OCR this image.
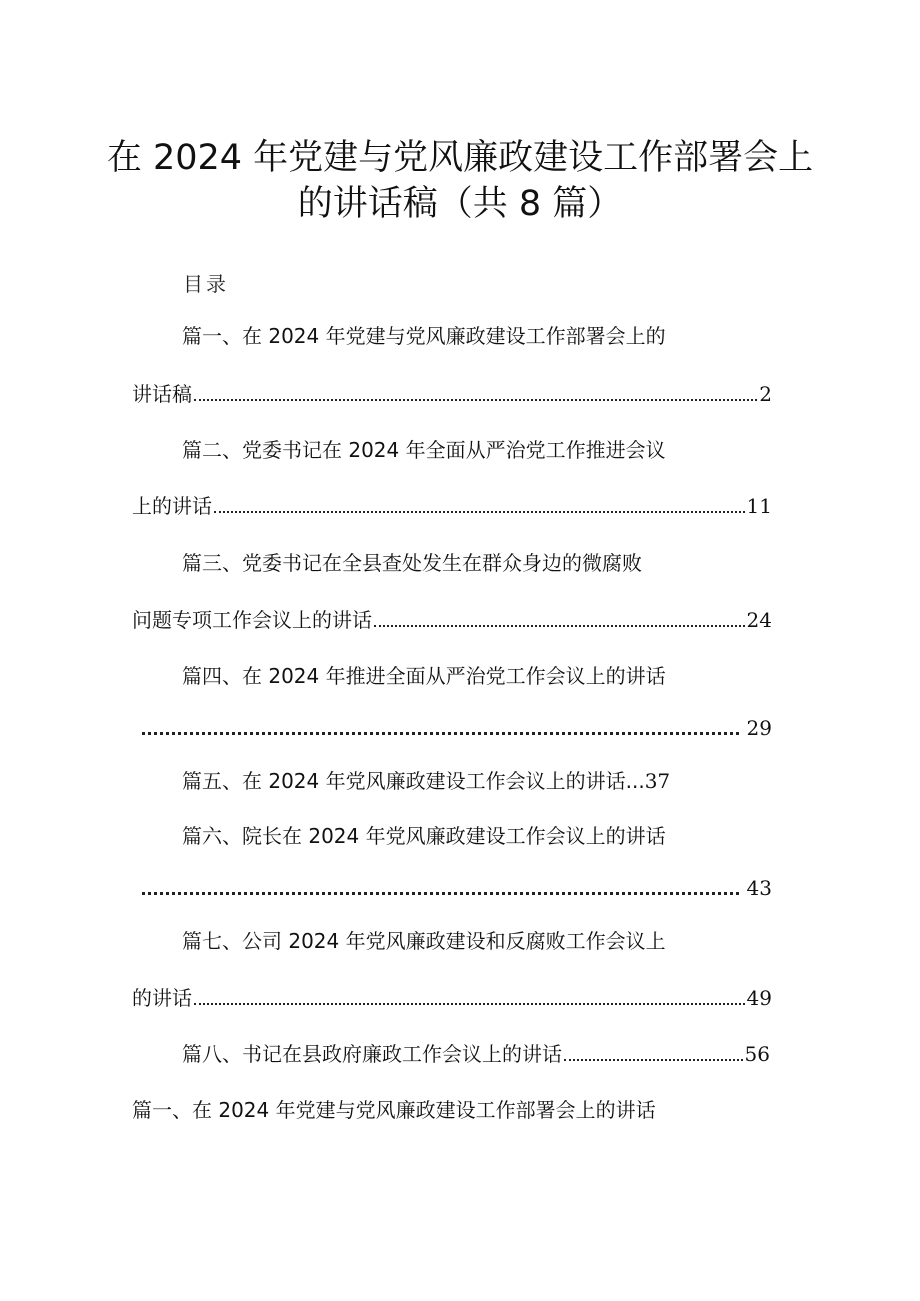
在 2024 年党建与党风廉政建设工作部署会上
的讲话稿（共 8 篇）
目录
篇一、在 2024 年党建与党风廉政建设工作部署会上的
讲话稿	2
篇二、党委书记在 2024 年全面从严治党工作推进会议
上的讲话	11
篇三、党委书记在全县查处发生在群众身边的微腐败
问题专项工作会议上的讲话	24
篇四、在 2024 年推进全面从严治党工作会议上的讲话
29
篇五、在 2024 年党风廉政建设工作会议上的讲话 ... 37
篇六、院长在 2024 年党风廉政建设工作会议上的讲话
43
篇七、公司 2024 年党风廉政建设和反腐败工作会议上
的讲话	49
篇八、书记在县政府廉政工作会议上的讲话	56
篇一、在 2024 年党建与党风廉政建设工作部署会上的讲话
